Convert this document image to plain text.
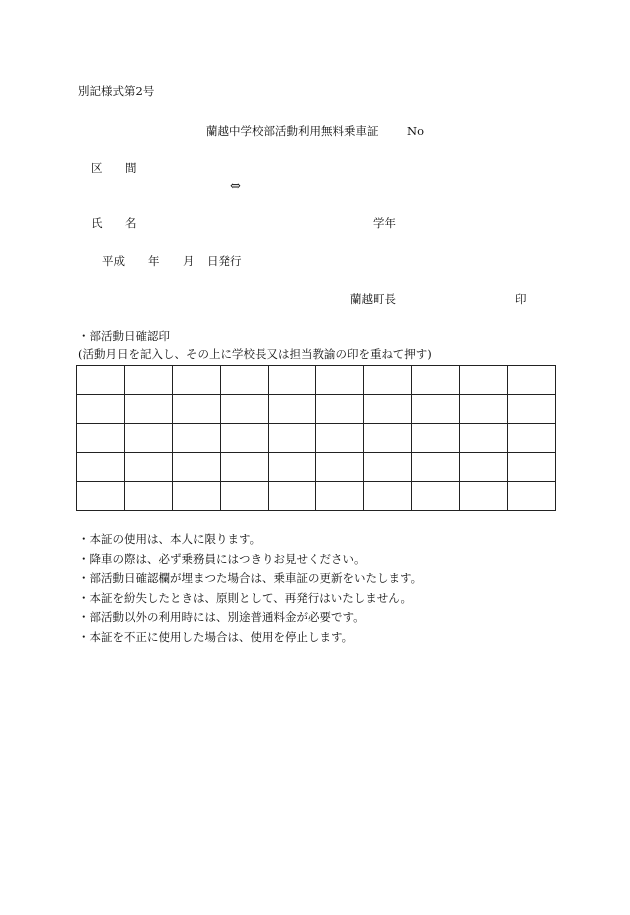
別記様式第2号
蘭越中学校部活動利用無料乗車証 No
区 間
⇔
氏 名	学年
平成 年 月 日発行
蘭越町長	印
・部活動日確認印
(活動月日を記入し、その上に学校長又は担当教諭の印を重ねて押す)

・本証の使用は、本人に限ります。
・降車の際は、必ず乗務員にはつきりお見せください。
・部活動日確認欄が埋まつた場合は、乗車証の更新をいたします。
・本証を紛失したときは、原則として、再発行はいたしません。
・部活動以外の利用時には、別途普通料金が必要です。
・本証を不正に使用した場合は、使用を停止します。
